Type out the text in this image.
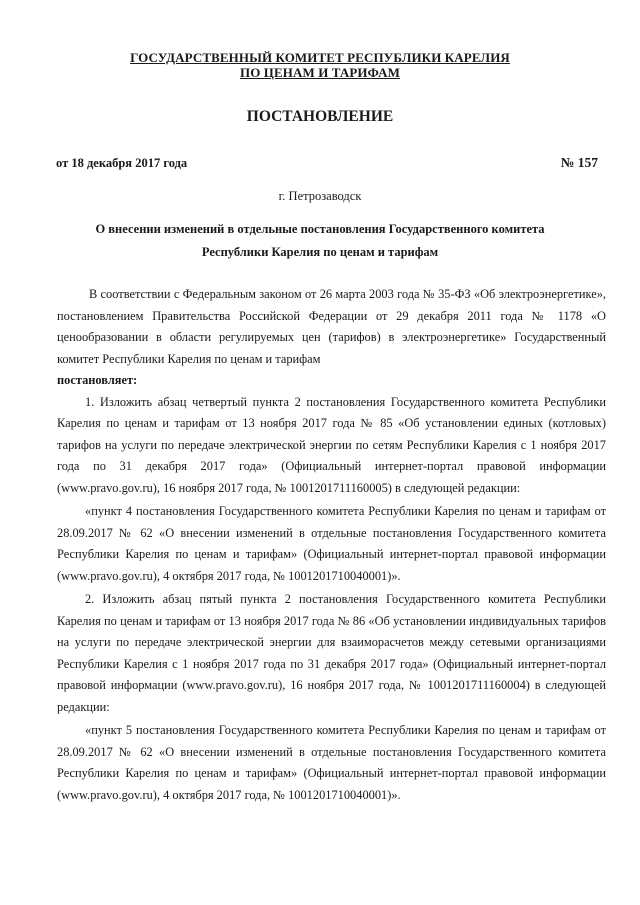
ГОСУДАРСТВЕННЫЙ КОМИТЕТ РЕСПУБЛИКИ КАРЕЛИЯ
ПО ЦЕНАМ И ТАРИФАМ
ПОСТАНОВЛЕНИЕ
от 18 декабря 2017 года	№ 157
г. Петрозаводск
О внесении изменений в отдельные постановления Государственного комитета
Республики Карелия по ценам и тарифам

В соответствии с Федеральным законом от 26 марта 2003 года № 35-ФЗ «Об электроэнергетике», постановлением Правительства Российской Федерации от 29 декабря 2011 года № 1178 «О ценообразовании в области регулируемых цен (тарифов) в электроэнергетике» Государственный комитет Республики Карелия по ценам и тарифам

постановляет:

1. Изложить абзац четвертый пункта 2 постановления Государственного комитета Республики Карелия по ценам и тарифам от 13 ноября 2017 года № 85 «Об установлении единых (котловых) тарифов на услуги по передаче электрической энергии по сетям Республики Карелия с 1 ноября 2017 года по 31 декабря 2017 года» (Официальный интернет-портал правовой информации (www.pravo.gov.ru), 16 ноября 2017 года, № 1001201711160005) в следующей редакции:

«пункт 4 постановления Государственного комитета Республики Карелия по ценам и тарифам от 28.09.2017 № 62 «О внесении изменений в отдельные постановления Государственного комитета Республики Карелия по ценам и тарифам» (Официальный интернет-портал правовой информации (www.pravo.gov.ru), 4 октября 2017 года, № 1001201710040001)».

2. Изложить абзац пятый пункта 2 постановления Государственного комитета Республики Карелия по ценам и тарифам от 13 ноября 2017 года № 86 «Об установлении индивидуальных тарифов на услуги по передаче электрической энергии для взаиморасчетов между сетевыми организациями Республики Карелия с 1 ноября 2017 года по 31 декабря 2017 года» (Официальный интернет-портал правовой информации (www.pravo.gov.ru), 16 ноября 2017 года, № 1001201711160004) в следующей редакции:

«пункт 5 постановления Государственного комитета Республики Карелия по ценам и тарифам от 28.09.2017 № 62 «О внесении изменений в отдельные постановления Государственного комитета Республики Карелия по ценам и тарифам» (Официальный интернет-портал правовой информации (www.pravo.gov.ru), 4 октября 2017 года, № 1001201710040001)».
